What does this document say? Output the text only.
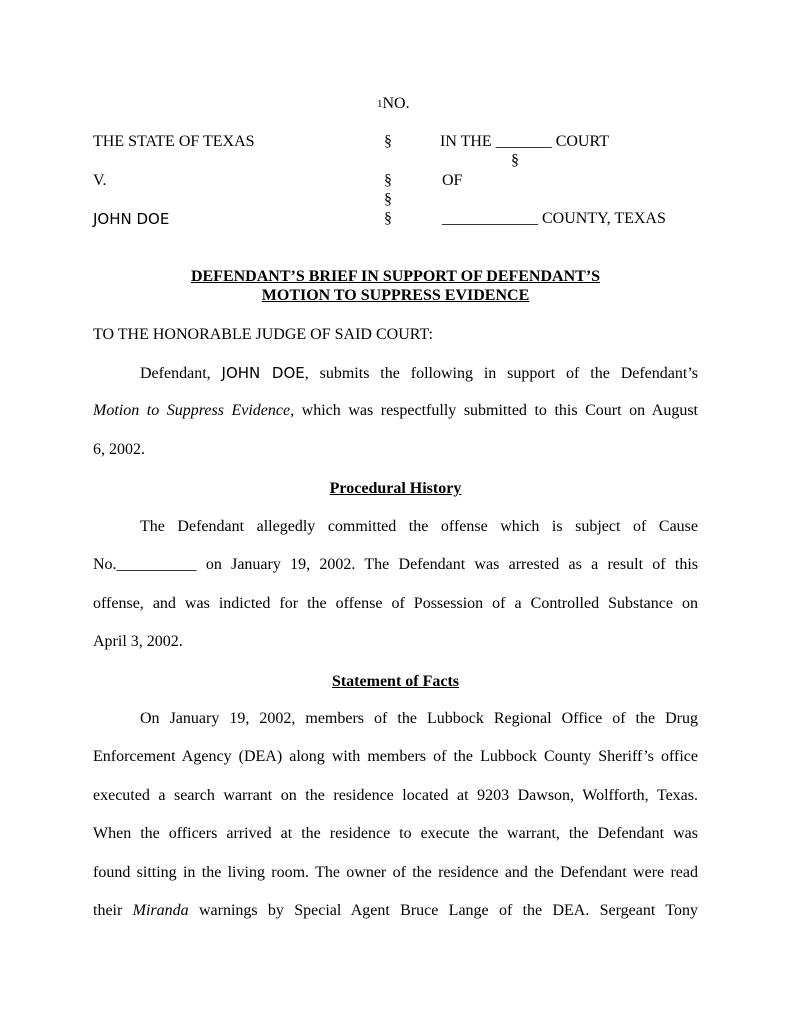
1NO.
THE STATE OF TEXAS
V.
JOHN DOE
§
§
§
§
§
IN THE _______ COURT
OF
____________ COUNTY, TEXAS
DEFENDANT’S BRIEF IN SUPPORT OF DEFENDANT’S
MOTION TO SUPPRESS EVIDENCE
TO THE HONORABLE JUDGE OF SAID COURT:
Defendant, JOHN DOE, submits the following in support of the Defendant’s
Motion to Suppress Evidence, which was respectfully submitted to this Court on August
6, 2002.
Procedural History
The Defendant allegedly committed the offense which is subject of Cause
No.__________ on January 19, 2002. The Defendant was arrested as a result of this
offense, and was indicted for the offense of Possession of a Controlled Substance on
April 3, 2002.
Statement of Facts
On January 19, 2002, members of the Lubbock Regional Office of the Drug
Enforcement Agency (DEA) along with members of the Lubbock County Sheriff’s office
executed a search warrant on the residence located at 9203 Dawson, Wolfforth, Texas.
When the officers arrived at the residence to execute the warrant, the Defendant was
found sitting in the living room. The owner of the residence and the Defendant were read
their Miranda warnings by Special Agent Bruce Lange of the DEA. Sergeant Tony
